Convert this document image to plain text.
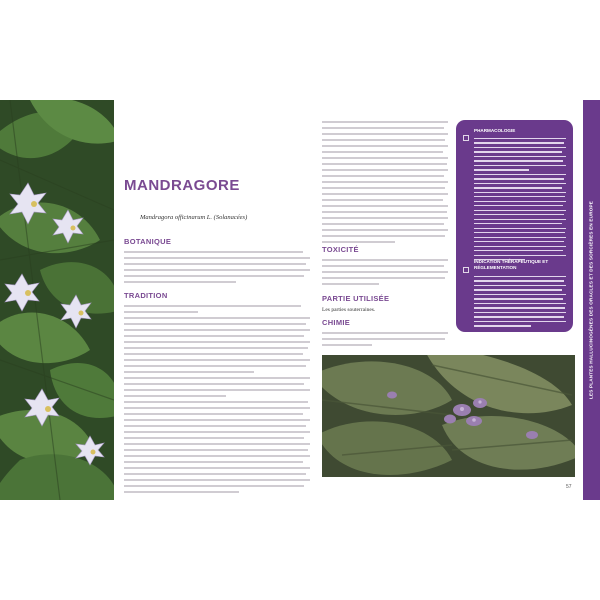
MANDRAGORE
Mandragora officinarum L. (Solanacées)
BOTANIQUE
TRADITION
TOXICITÉ
PARTIE UTILISÉE
Les parties souterraines.
CHIMIE
PHARMACOLOGIE
INDICATION THÉRAPEUTIQUE ET RÉGLEMENTATION	LES PLANTES HALLUCINOGÈNES DES ORACLES ET DES SORCIÈRES EN EUROPE
57
